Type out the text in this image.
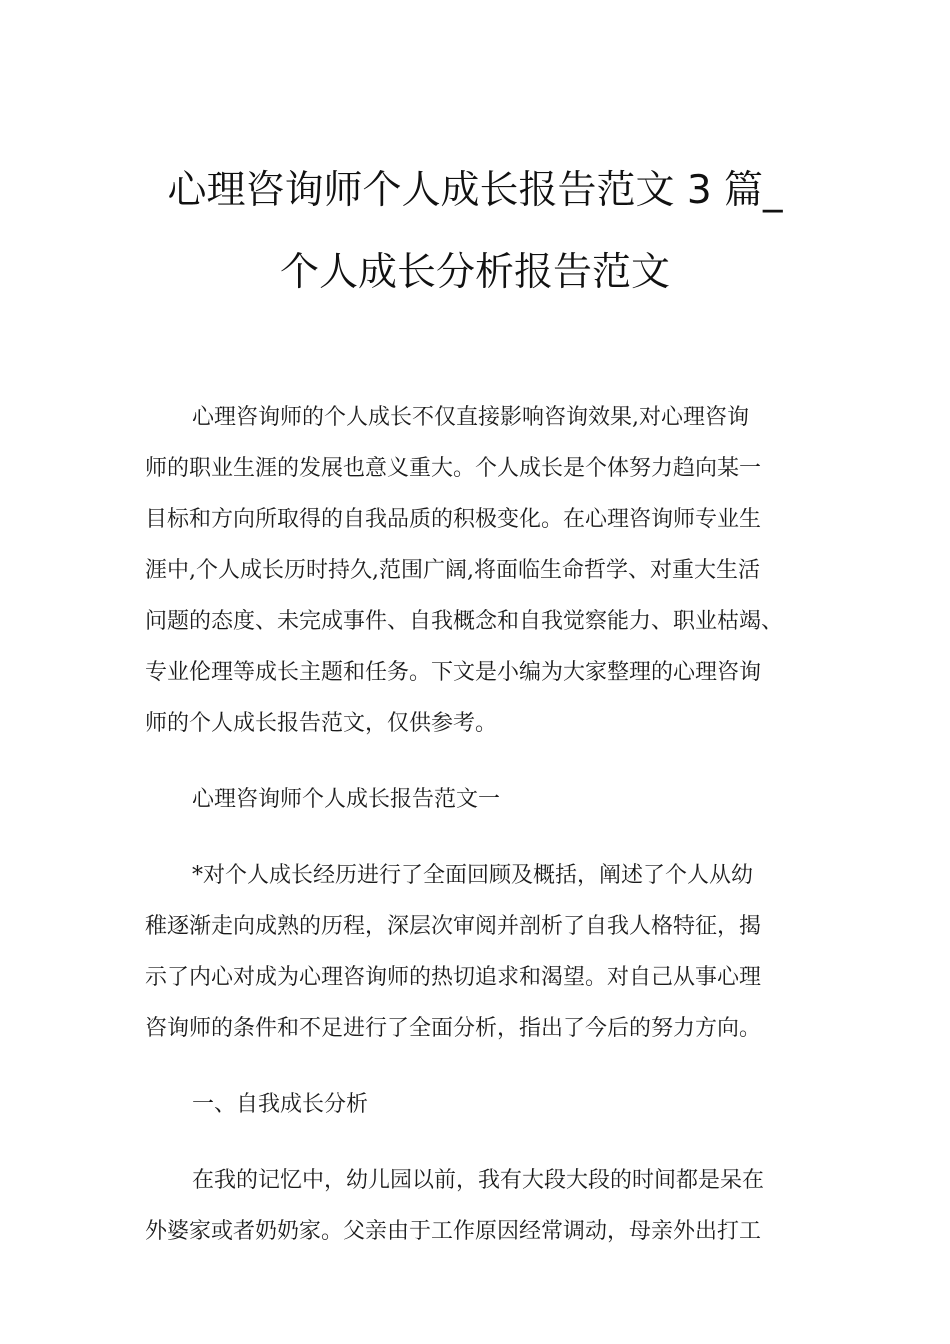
心理咨询师个人成长报告范文 3 篇_
个人成长分析报告范文

心理咨询师的个人成长不仅直接影响咨询效果,对心理咨询
师的职业生涯的发展也意义重大。个人成长是个体努力趋向某一
目标和方向所取得的自我品质的积极变化。在心理咨询师专业生
涯中,个人成长历时持久,范围广阔,将面临生命哲学、对重大生活
问题的态度、未完成事件、自我概念和自我觉察能力、职业枯竭、
专业伦理等成长主题和任务。下文是小编为大家整理的心理咨询
师的个人成长报告范文，仅供参考。

心理咨询师个人成长报告范文一

*对个人成长经历进行了全面回顾及概括，阐述了个人从幼
稚逐渐走向成熟的历程，深层次审阅并剖析了自我人格特征，揭
示了内心对成为心理咨询师的热切追求和渴望。对自己从事心理
咨询师的条件和不足进行了全面分析，指出了今后的努力方向。

一、自我成长分析

在我的记忆中，幼儿园以前，我有大段大段的时间都是呆在
外婆家或者奶奶家。父亲由于工作原因经常调动，母亲外出打工
